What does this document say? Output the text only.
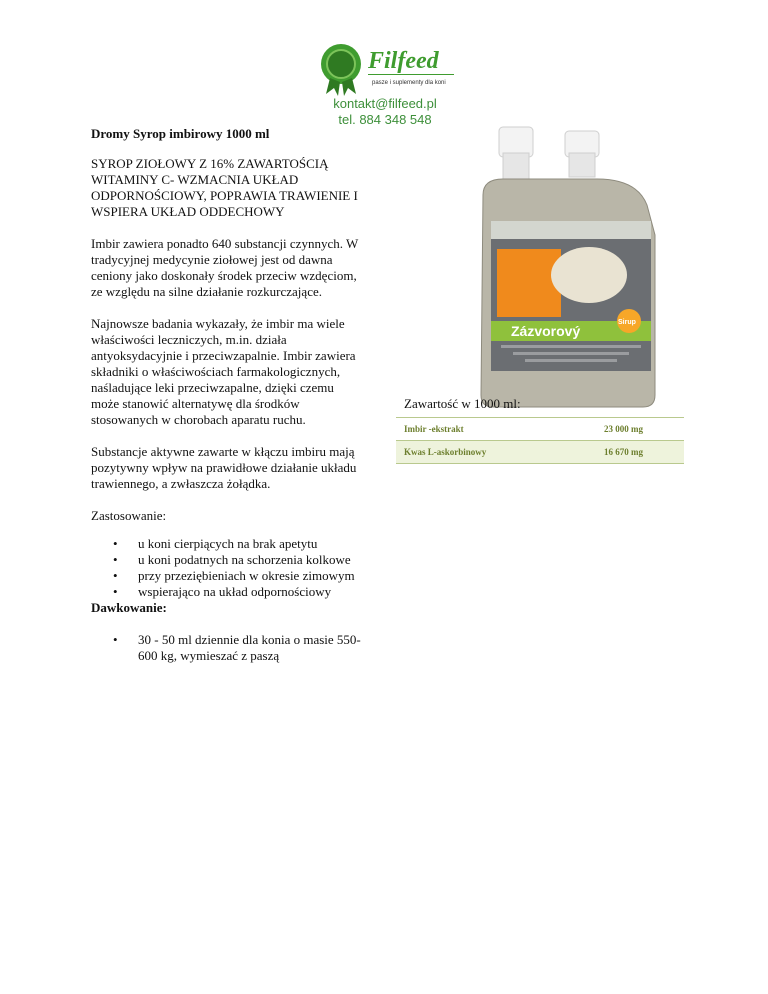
Filfeed
pasze i suplementy dla koni
kontakt@filfeed.pl
tel. 884 348 548
Dromy Syrop imbirowy 1000 ml
SYROP ZIOŁOWY Z 16% ZAWARTOŚCIĄ WITAMINY C- WZMACNIA UKŁAD ODPORNOŚCIOWY, POPRAWIA TRAWIENIE I WSPIERA UKŁAD ODDECHOWY
Imbir zawiera ponadto 640 substancji czynnych. W tradycyjnej medycynie ziołowej jest od dawna ceniony jako doskonały środek przeciw wzdęciom, ze względu na silne działanie rozkurczające.
Najnowsze badania wykazały, że imbir ma wiele właściwości leczniczych, m.in. działa antyoksydacyjnie i przeciwzapalnie. Imbir zawiera składniki o właściwościach farmakologicznych, naśladujące leki przeciwzapalne, dzięki czemu może stanowić alternatywę dla środków stosowanych w chorobach aparatu ruchu.
Substancje aktywne zawarte w kłączu imbiru mają pozytywny wpływ na prawidłowe działanie układu trawiennego, a zwłaszcza żołądka.
Zastosowanie:
• u koni cierpiących na brak apetytu
• u koni podatnych na schorzenia kolkowe
• przy przeziębieniach w okresie zimowym
• wspierająco na układ odpornościowy
Dawkowanie:
• 30 - 50 ml dziennie dla konia o masie 550-600 kg, wymieszać z paszą
Zázvorový
Sirup
Zawartość w 1000 ml:
Imbir -ekstrakt	23 000 mg
Kwas L-askorbinowy	16 670 mg
